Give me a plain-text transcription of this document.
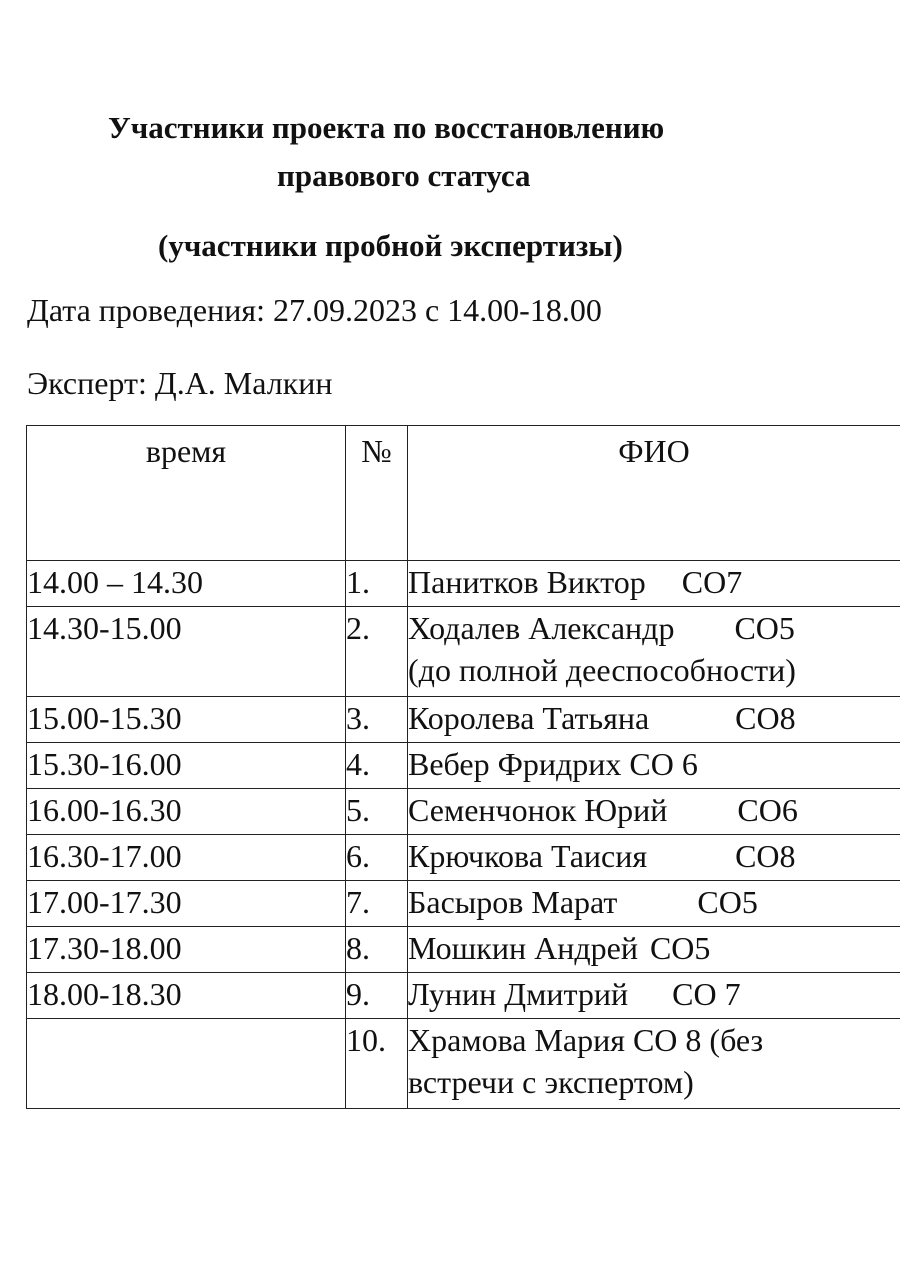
Участники проекта по восстановлению
правового статуса
(участники пробной экспертизы)
Дата проведения: 27.09.2023 с 14.00-18.00
Эксперт: Д.А. Малкин
время	№	ФИО
14.00 – 14.30	1.	Панитков Виктор СО7

14.30-15.00	2.	Ходалев Александр СО5
(до полной дееспособности)

15.00-15.30	3.	Королева Татьяна СО8

15.30-16.00	4.	Вебер Фридрих СО 6

16.00-16.30	5.	Семенчонок Юрий СО6

16.30-17.00	6.	Крючкова Таисия СО8

17.00-17.30	7.	Басыров Марат СО5

17.30-18.00	8.	Мошкин Андрей СО5

18.00-18.30	9.	Лунин Дмитрий СО 7

	10.	Храмова Мария СО 8 (без
встречи с экспертом)
